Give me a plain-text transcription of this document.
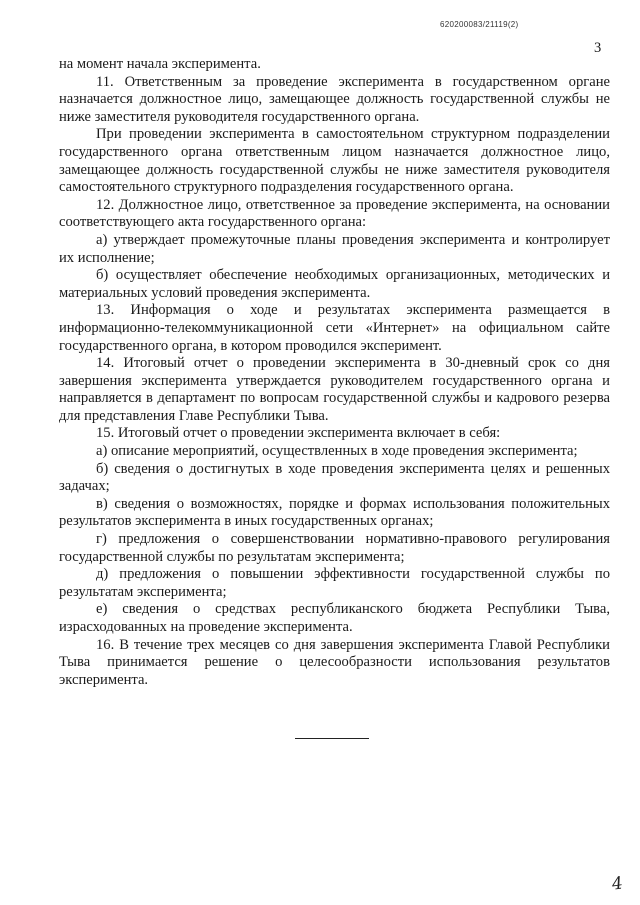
620200083/21119(2)
3

на момент начала эксперимента.

11. Ответственным за проведение эксперимента в государственном органе назначается должностное лицо, замещающее должность государственной службы не ниже заместителя руководителя государственного органа.

При проведении эксперимента в самостоятельном структурном подразделении государственного органа ответственным лицом назначается должностное лицо, замещающее должность государственной службы не ниже заместителя руководителя самостоятельного структурного подразделения государственного органа.

12. Должностное лицо, ответственное за проведение эксперимента, на основании соответствующего акта государственного органа:

а) утверждает промежуточные планы проведения эксперимента и контролирует их исполнение;

б) осуществляет обеспечение необходимых организационных, методических и материальных условий проведения эксперимента.

13. Информация о ходе и результатах эксперимента размещается в информационно-телекоммуникационной сети «Интернет» на официальном сайте государственного органа, в котором проводился эксперимент.

14. Итоговый отчет о проведении эксперимента в 30-дневный срок со дня завершения эксперимента утверждается руководителем государственного органа и направляется в департамент по вопросам государственной службы и кадрового резерва для представления Главе Республики Тыва.

15. Итоговый отчет о проведении эксперимента включает в себя:

а) описание мероприятий, осуществленных в ходе проведения эксперимента;

б) сведения о достигнутых в ходе проведения эксперимента целях и решенных задачах;

в) сведения о возможностях, порядке и формах использования положительных результатов эксперимента в иных государственных органах;

г) предложения о совершенствовании нормативно-правового регулирования государственной службы по результатам эксперимента;

д) предложения о повышении эффективности государственной службы по результатам эксперимента;

е) сведения о средствах республиканского бюджета Республики Тыва, израсходованных на проведение эксперимента.

16. В течение трех месяцев со дня завершения эксперимента Главой Республики Тыва принимается решение о целесообразности использования результатов эксперимента.

4
